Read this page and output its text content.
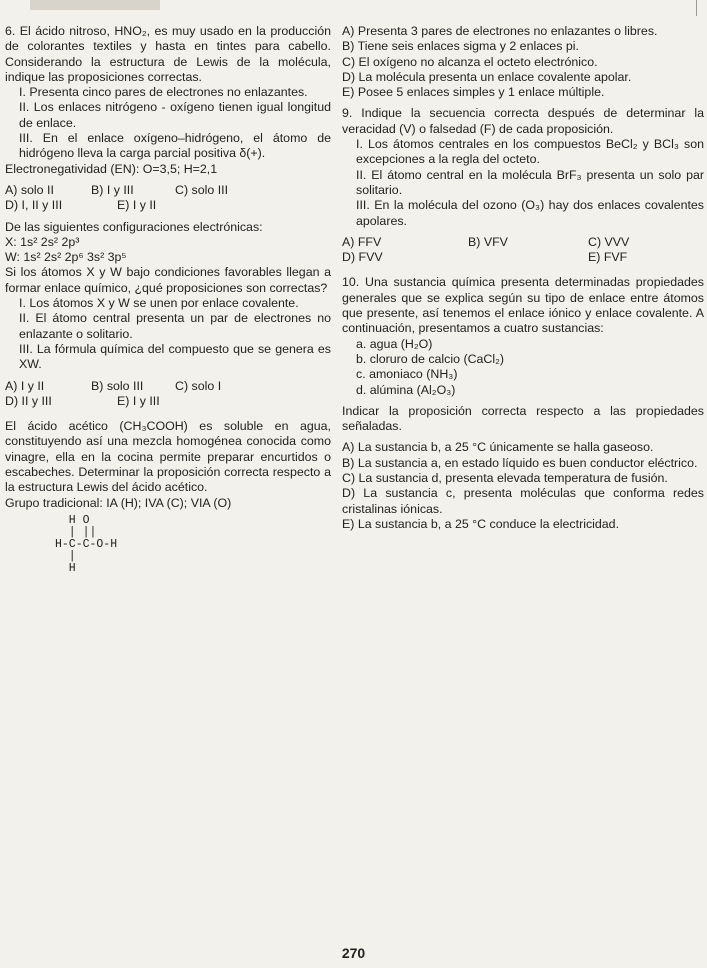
6. El ácido nitroso, HNO₂, es muy usado en la producción de colorantes textiles y hasta en tintes para cabello. Considerando la estructura de Lewis de la molécula, indique las proposiciones correctas.

I. Presenta cinco pares de electrones no enlazantes.

II. Los enlaces nitrógeno - oxígeno tienen igual longitud de enlace.

III. En el enlace oxígeno–hidrógeno, el átomo de hidrógeno lleva la carga parcial positiva δ(+).

Electronegatividad (EN): O=3,5; H=2,1

A) solo II	B) I y III	C) solo III
D) I, II y III	E) I y II

De las siguientes configuraciones electrónicas:

X: 1s² 2s² 2p³

W: 1s² 2s² 2p⁶ 3s² 3p⁵

Si los átomos X y W bajo condiciones favorables llegan a formar enlace químico, ¿qué proposiciones son correctas?

I. Los átomos X y W se unen por enlace covalente.

II. El átomo central presenta un par de electrones no enlazante o solitario.

III. La fórmula química del compuesto que se genera es XW.

A) I y II	B) solo III	C) solo I
D) II y III	E) I y III

El ácido acético (CH₃COOH) es soluble en agua, constituyendo así una mezcla homogénea conocida como vinagre, ella en la cocina permite preparar encurtidos o escabeches. Determinar la proposición correcta respecto a la estructura Lewis del ácido acético.

Grupo tradicional: IA (H); IVA (C); VIA (O)

H O
| ||
H-C-C-O-H
|
H

A) Presenta 3 pares de electrones no enlazantes o libres.

B) Tiene seis enlaces sigma y 2 enlaces pi.

C) El oxígeno no alcanza el octeto electrónico.

D) La molécula presenta un enlace covalente apolar.

E) Posee 5 enlaces simples y 1 enlace múltiple.

9. Indique la secuencia correcta después de determinar la veracidad (V) o falsedad (F) de cada proposición.

I. Los átomos centrales en los compuestos BeCl₂ y BCl₃ son excepciones a la regla del octeto.

II. El átomo central en la molécula BrF₃ presenta un solo par solitario.

III. En la molécula del ozono (O₃) hay dos enlaces covalentes apolares.

A) FFV	B) VFV	C) VVV
D) FVV	E) FVF

10. Una sustancia química presenta determinadas propiedades generales que se explica según su tipo de enlace entre átomos que presente, así tenemos el enlace iónico y enlace covalente. A continuación, presentamos a cuatro sustancias:

a. agua (H₂O)

b. cloruro de calcio (CaCl₂)

c. amoniaco (NH₃)

d. alúmina (Al₂O₃)

Indicar la proposición correcta respecto a las propiedades señaladas.

A) La sustancia b, a 25 °C únicamente se halla gaseoso.

B) La sustancia a, en estado líquido es buen conductor eléctrico.

C) La sustancia d, presenta elevada temperatura de fusión.

D) La sustancia c, presenta moléculas que conforma redes cristalinas iónicas.

E) La sustancia b, a 25 °C conduce la electricidad.

270
